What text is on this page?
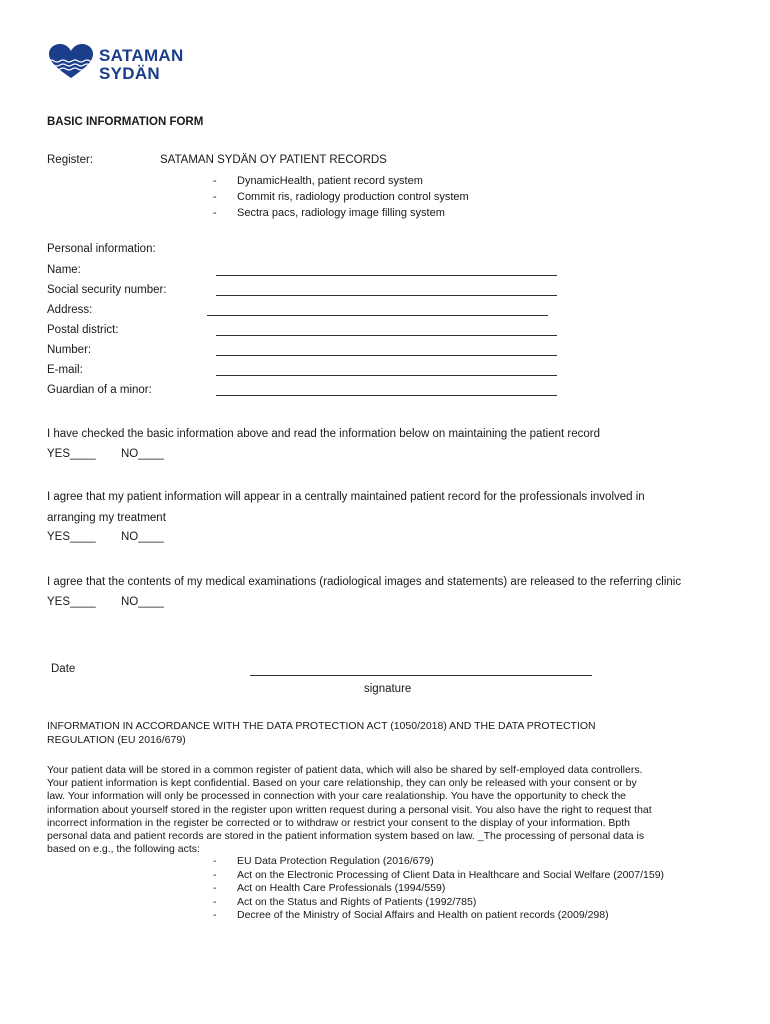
SATAMAN
SYDÄN
BASIC INFORMATION FORM
Register:	SATAMAN SYDÄN OY PATIENT RECORDS
- DynamicHealth, patient record system
- Commit ris, radiology production control system
- Sectra pacs, radiology image filling system
Personal information:
Name:
Social security number:
Address:
Postal district:
Number:
E-mail:
Guardian of a minor:
I have checked the basic information above and read the information below on maintaining the patient record
YES____ NO____
I agree that my patient information will appear in a centrally maintained patient record for the professionals involved in
arranging my treatment
YES____ NO____
I agree that the contents of my medical examinations (radiological images and statements) are released to the referring clinic
YES____ NO____
Date
signature
INFORMATION IN ACCORDANCE WITH THE DATA PROTECTION ACT (1050/2018) AND THE DATA PROTECTION
REGULATION (EU 2016/679)
Your patient data will be stored in a common register of patient data, which will also be shared by self-employed data controllers.
Your patient information is kept confidential. Based on your care relationship, they can only be released with your consent or by
law. Your information will only be processed in connection with your care realationship. You have the opportunity to check the
information about yourself stored in the register upon written request during a personal visit. You also have the right to request that
incorrect information in the register be corrected or to withdraw or restrict your consent to the display of your information. Bpth
personal data and patient records are stored in the patient information system based on law. _The processing of personal data is
based on e.g., the following acts:
- EU Data Protection Regulation (2016/679)
- Act on the Electronic Processing of Client Data in Healthcare and Social Welfare (2007/159)
- Act on Health Care Professionals (1994/559)
- Act on the Status and Rights of Patients (1992/785)
- Decree of the Ministry of Social Affairs and Health on patient records (2009/298)
